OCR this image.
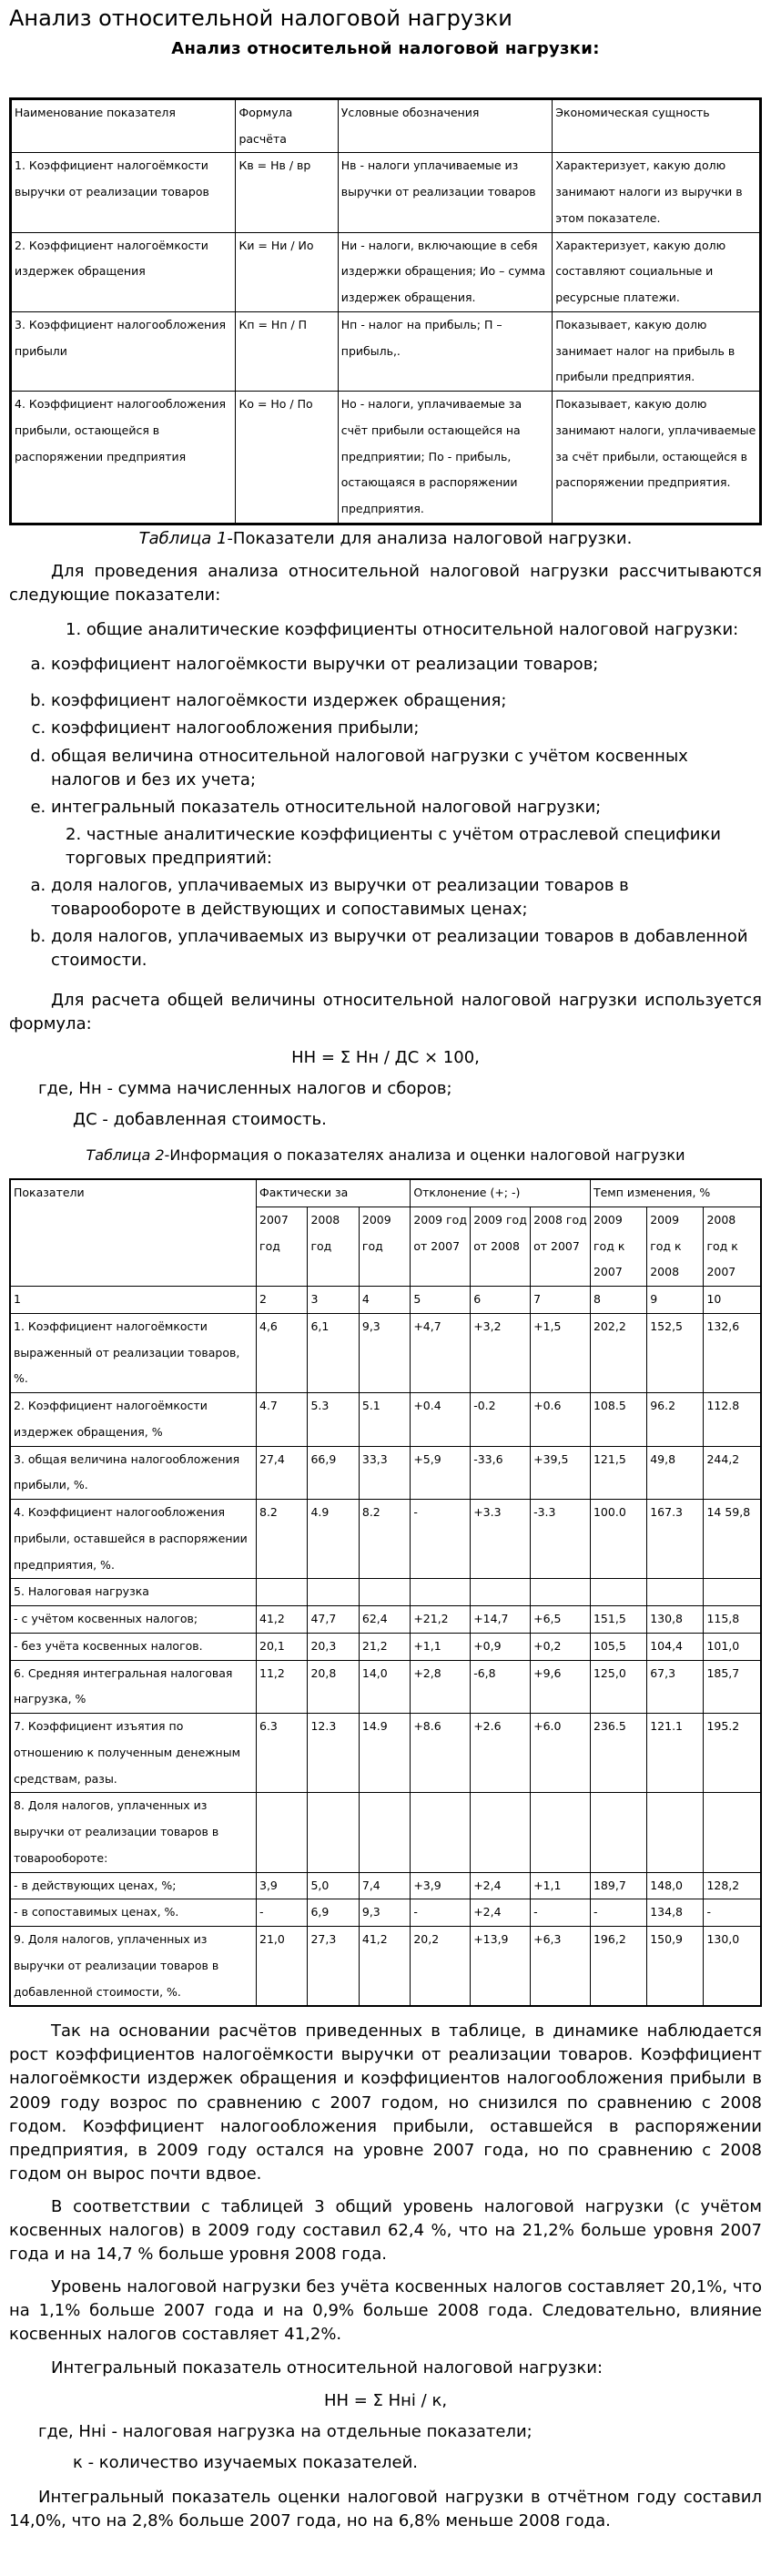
Анализ относительной налоговой нагрузки
Анализ относительной налоговой нагрузки:
Наименование показателя	Формула расчёта	Условные обозначения	Экономическая сущность
1. Коэффициент налогоёмкости выручки от реализации товаров	Кв = Нв / вр	Нв - налоги уплачиваемые из выручки от реализации товаров	Характеризует, какую долю занимают налоги из выручки в этом показателе.
2. Коэффициент налогоёмкости издержек обращения	Ки = Ни / Ио	Ни - налоги, включающие в себя издержки обращения; Ио – сумма издержек обращения.	Характеризует, какую долю составляют социальные и ресурсные платежи.
3. Коэффициент налогообложения прибыли	Кп = Нп / П	Нп - налог на прибыль; П – прибыль,.	Показывает, какую долю занимает налог на прибыль в прибыли предприятия.
4. Коэффициент налогообложения прибыли, остающейся в распоряжении предприятия	Ко = Но / По	Но - налоги, уплачиваемые за счёт прибыли остающейся на предприятии; По - прибыль, остающаяся в распоряжении предприятия.	Показывает, какую долю занимают налоги, уплачиваемые за счёт прибыли, остающейся в распоряжении предприятия.
Таблица 1-Показатели для анализа налоговой нагрузки.

Для проведения анализа относительной налоговой нагрузки рассчитываются следующие показатели:

1. общие аналитические коэффициенты относительной налоговой нагрузки:
a. коэффициент налогоёмкости выручки от реализации товаров;
b. коэффициент налогоёмкости издержек обращения;
c. коэффициент налогообложения прибыли;
d. общая величина относительной налоговой нагрузки с учётом косвенных налогов и без их учета;
e. интегральный показатель относительной налоговой нагрузки;
2. частные аналитические коэффициенты с учётом отраслевой специфики торговых предприятий:
a. доля налогов, уплачиваемых из выручки от реализации товаров в товарообороте в действующих и сопоставимых ценах;
b. доля налогов, уплачиваемых из выручки от реализации товаров в добавленной стоимости.

Для расчета общей величины относительной налоговой нагрузки используется формула:

НН = Σ Нн / ДС × 100,

где, Нн - сумма начисленных налогов и сборов;

ДС - добавленная стоимость.

Таблица 2-Информация о показателях анализа и оценки налоговой нагрузки
Показатели	Фактически за			Отклонение (+; -)			Темп изменения, %		
	2007 год	2008 год	2009 год	2009 год от 2007	2009 год от 2008	2008 год от 2007	2009 год к 2007	2009 год к 2008	2008 год к 2007
1	2	3	4	5	6	7	8	9	10
1. Коэффициент налогоёмкости выраженный от реализации товаров, %.	4,6	6,1	9,3	+4,7	+3,2	+1,5	202,2	152,5	132,6
2. Коэффициент налогоёмкости издержек обращения, %	4.7	5.3	5.1	+0.4	-0.2	+0.6	108.5	96.2	112.8
3. общая величина налогообложения прибыли, %.	27,4	66,9	33,3	+5,9	-33,6	+39,5	121,5	49,8	244,2
4. Коэффициент налогообложения прибыли, оставшейся в распоряжении предприятия, %.	8.2	4.9	8.2	-	+3.3	-3.3	100.0	167.3	14 59,8
5. Налоговая нагрузка									
- с учётом косвенных налогов;	41,2	47,7	62,4	+21,2	+14,7	+6,5	151,5	130,8	115,8
- без учёта косвенных налогов.	20,1	20,3	21,2	+1,1	+0,9	+0,2	105,5	104,4	101,0
6. Средняя интегральная налоговая нагрузка, %	11,2	20,8	14,0	+2,8	-6,8	+9,6	125,0	67,3	185,7
7. Коэффициент изъятия по отношению к полученным денежным средствам, разы.	6.3	12.3	14.9	+8.6	+2.6	+6.0	236.5	121.1	195.2
8. Доля налогов, уплаченных из выручки от реализации товаров в товарообороте:									
- в действующих ценах, %;	3,9	5,0	7,4	+3,9	+2,4	+1,1	189,7	148,0	128,2
- в сопоставимых ценах, %.	-	6,9	9,3	-	+2,4	-	-	134,8	-
9. Доля налогов, уплаченных из выручки от реализации товаров в добавленной стоимости, %.	21,0	27,3	41,2	20,2	+13,9	+6,3	196,2	150,9	130,0

Так на основании расчётов приведенных в таблице, в динамике наблюдается рост коэффициентов налогоёмкости выручки от реализации товаров. Коэффициент налогоёмкости издержек обращения и коэффициентов налогообложения прибыли в 2009 году возрос по сравнению с 2007 годом, но снизился по сравнению с 2008 годом. Коэффициент налогообложения прибыли, оставшейся в распоряжении предприятия, в 2009 году остался на уровне 2007 года, но по сравнению с 2008 годом он вырос почти вдвое.

В соответствии с таблицей 3 общий уровень налоговой нагрузки (с учётом косвенных налогов) в 2009 году составил 62,4 %, что на 21,2% больше уровня 2007 года и на 14,7 % больше уровня 2008 года.

Уровень налоговой нагрузки без учёта косвенных налогов составляет 20,1%, что на 1,1% больше 2007 года и на 0,9% больше 2008 года. Следовательно, влияние косвенных налогов составляет 41,2%.

Интегральный показатель относительной налоговой нагрузки:

НН = Σ Нні / к,

где, Нні - налоговая нагрузка на отдельные показатели;

к - количество изучаемых показателей.

Интегральный показатель оценки налоговой нагрузки в отчётном году составил 14,0%, что на 2,8% больше 2007 года, но на 6,8% меньше 2008 года.
